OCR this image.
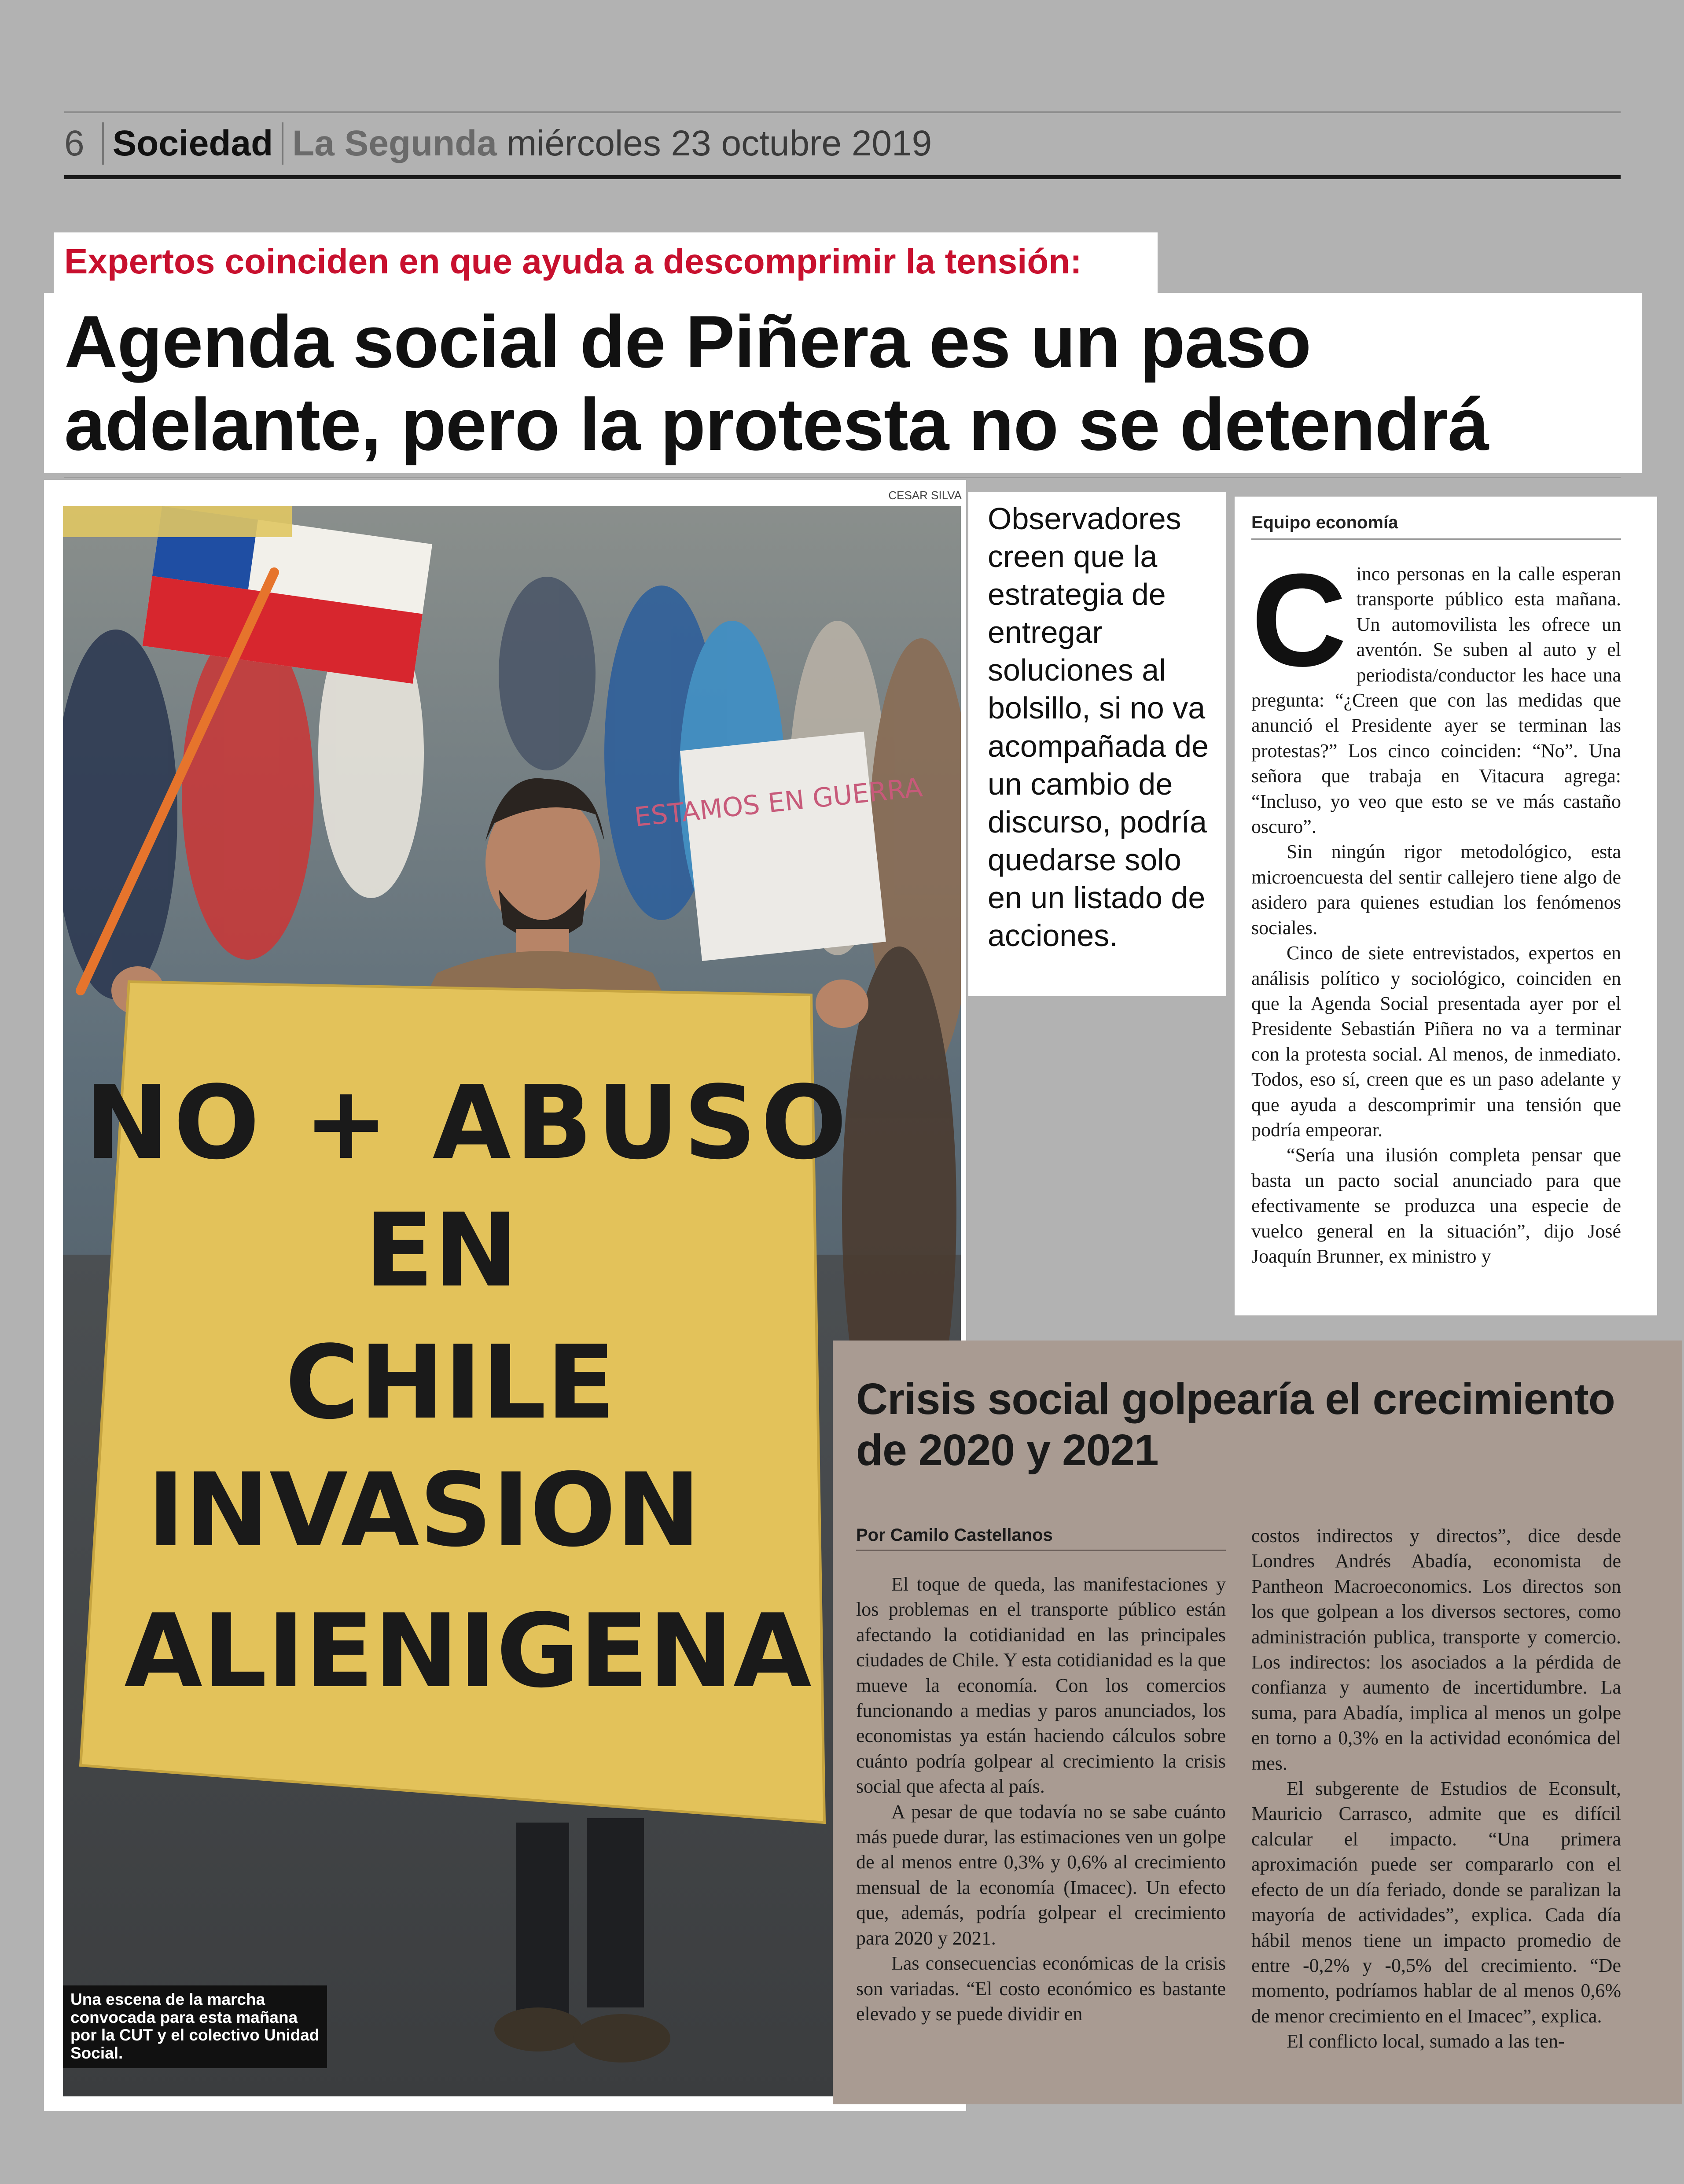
6 Sociedad La Segunda miércoles 23 octubre 2019
Expertos coinciden en que ayuda a descomprimir la tensión:
Agenda social de Piñera es un paso adelante, pero la protesta no se detendrá
CESAR SILVA
ESTAMOS EN GUERRA
NO + ABUSO
EN
CHILE
INVASION
ALIENIGENA
Una escena de la marcha convocada para esta mañana por la CUT y el colectivo Unidad Social.
Observadores creen que la estrategia de entregar soluciones al bolsillo, si no va acompañada de un cambio de discurso, podría quedarse solo en un listado de acciones.
Equipo economía

Cinco personas en la calle esperan transporte público esta mañana. Un automovilista les ofrece un aventón. Se suben al auto y el periodista/conductor les hace una pregunta: “¿Creen que con las medidas que anunció el Presidente ayer se terminan las protestas?” Los cinco coinciden: “No”. Una señora que trabaja en Vitacura agrega: “Incluso, yo veo que esto se ve más castaño oscuro”.

Sin ningún rigor metodológico, esta microencuesta del sentir callejero tiene algo de asidero para quienes estudian los fenómenos sociales.

Cinco de siete entrevistados, expertos en análisis político y sociológico, coinciden en que la Agenda Social presentada ayer por el Presidente Sebastián Piñera no va a terminar con la protesta social. Al menos, de inmediato. Todos, eso sí, creen que es un paso adelante y que ayuda a descomprimir una tensión que podría empeorar.

“Sería una ilusión completa pensar que basta un pacto social anunciado para que efectivamente se produzca una especie de vuelco general en la situación”, dijo José Joaquín Brunner, ex ministro y

Crisis social golpearía el crecimiento de 2020 y 2021
Por Camilo Castellanos

El toque de queda, las manifestaciones y los problemas en el transporte público están afectando la cotidianidad en las principales ciudades de Chile. Y esta cotidianidad es la que mueve la economía. Con los comercios funcionando a medias y paros anunciados, los economistas ya están haciendo cálculos sobre cuánto podría golpear al crecimiento la crisis social que afecta al país.

A pesar de que todavía no se sabe cuánto más puede durar, las estimaciones ven un golpe de al menos entre 0,3% y 0,6% al crecimiento mensual de la economía (Imacec). Un efecto que, además, podría golpear el crecimiento para 2020 y 2021.

Las consecuencias económicas de la crisis son variadas. “El costo económico es bastante elevado y se puede dividir en

costos indirectos y directos”, dice desde Londres Andrés Abadía, economista de Pantheon Macroeconomics. Los directos son los que golpean a los diversos sectores, como administración publica, transporte y comercio. Los indirectos: los asociados a la pérdida de confianza y aumento de incertidumbre. La suma, para Abadía, implica al menos un golpe en torno a 0,3% en la actividad económica del mes.

El subgerente de Estudios de Econsult, Mauricio Carrasco, admite que es difícil calcular el impacto. “Una primera aproximación puede ser compararlo con el efecto de un día feriado, donde se paralizan la mayoría de actividades”, explica. Cada día hábil menos tiene un impacto promedio de entre -0,2% y -0,5% del crecimiento. “De momento, podríamos hablar de al menos 0,6% de menor crecimiento en el Imacec”, explica.

El conflicto local, sumado a las ten-
